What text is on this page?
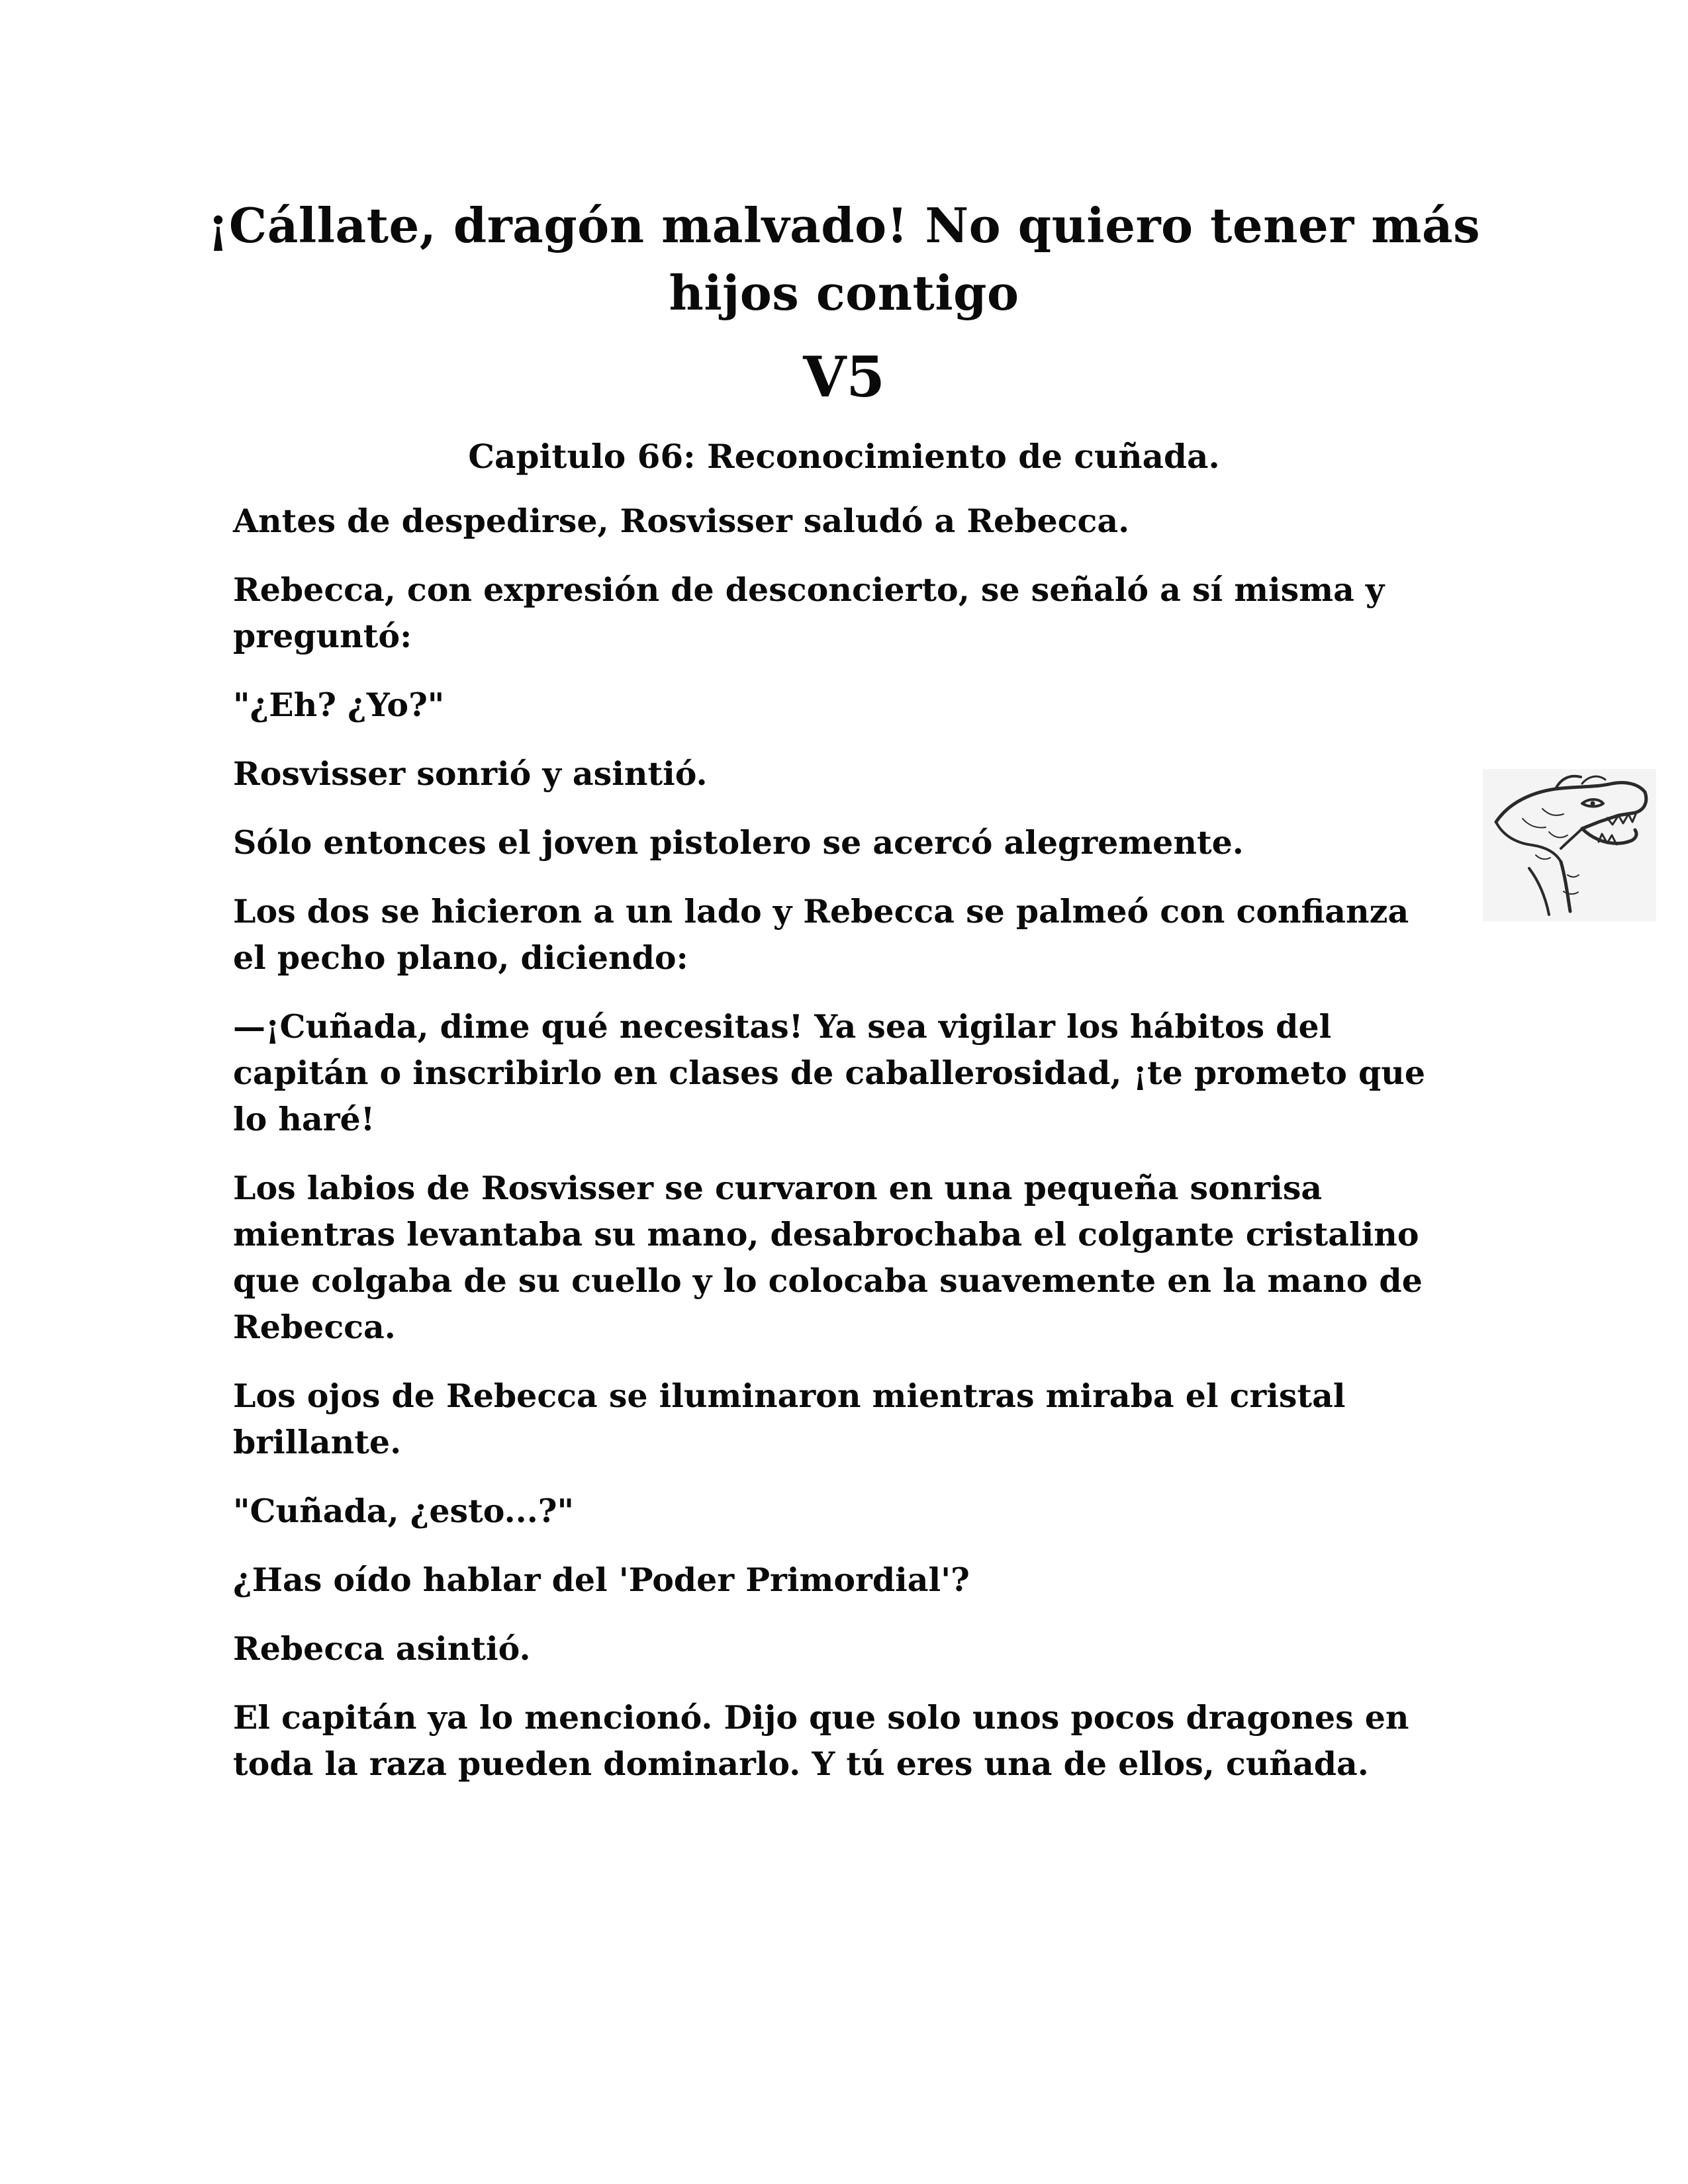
¡Cállate, dragón malvado! No quiero tener más hijos contigo
V5
Capitulo 66: Reconocimiento de cuñada.

Antes de despedirse, Rosvisser saludó a Rebecca.

Rebecca, con expresión de desconcierto, se señaló a sí misma y preguntó:

"¿Eh? ¿Yo?"

Rosvisser sonrió y asintió.

Sólo entonces el joven pistolero se acercó alegremente.

Los dos se hicieron a un lado y Rebecca se palmeó con confianza el pecho plano, diciendo:

—¡Cuñada, dime qué necesitas! Ya sea vigilar los hábitos del capitán o inscribirlo en clases de caballerosidad, ¡te prometo que lo haré!

Los labios de Rosvisser se curvaron en una pequeña sonrisa mientras levantaba su mano, desabrochaba el colgante cristalino que colgaba de su cuello y lo colocaba suavemente en la mano de Rebecca.

Los ojos de Rebecca se iluminaron mientras miraba el cristal brillante.

"Cuñada, ¿esto...?"

¿Has oído hablar del 'Poder Primordial'?

Rebecca asintió.

El capitán ya lo mencionó. Dijo que solo unos pocos dragones en toda la raza pueden dominarlo. Y tú eres una de ellos, cuñada.
